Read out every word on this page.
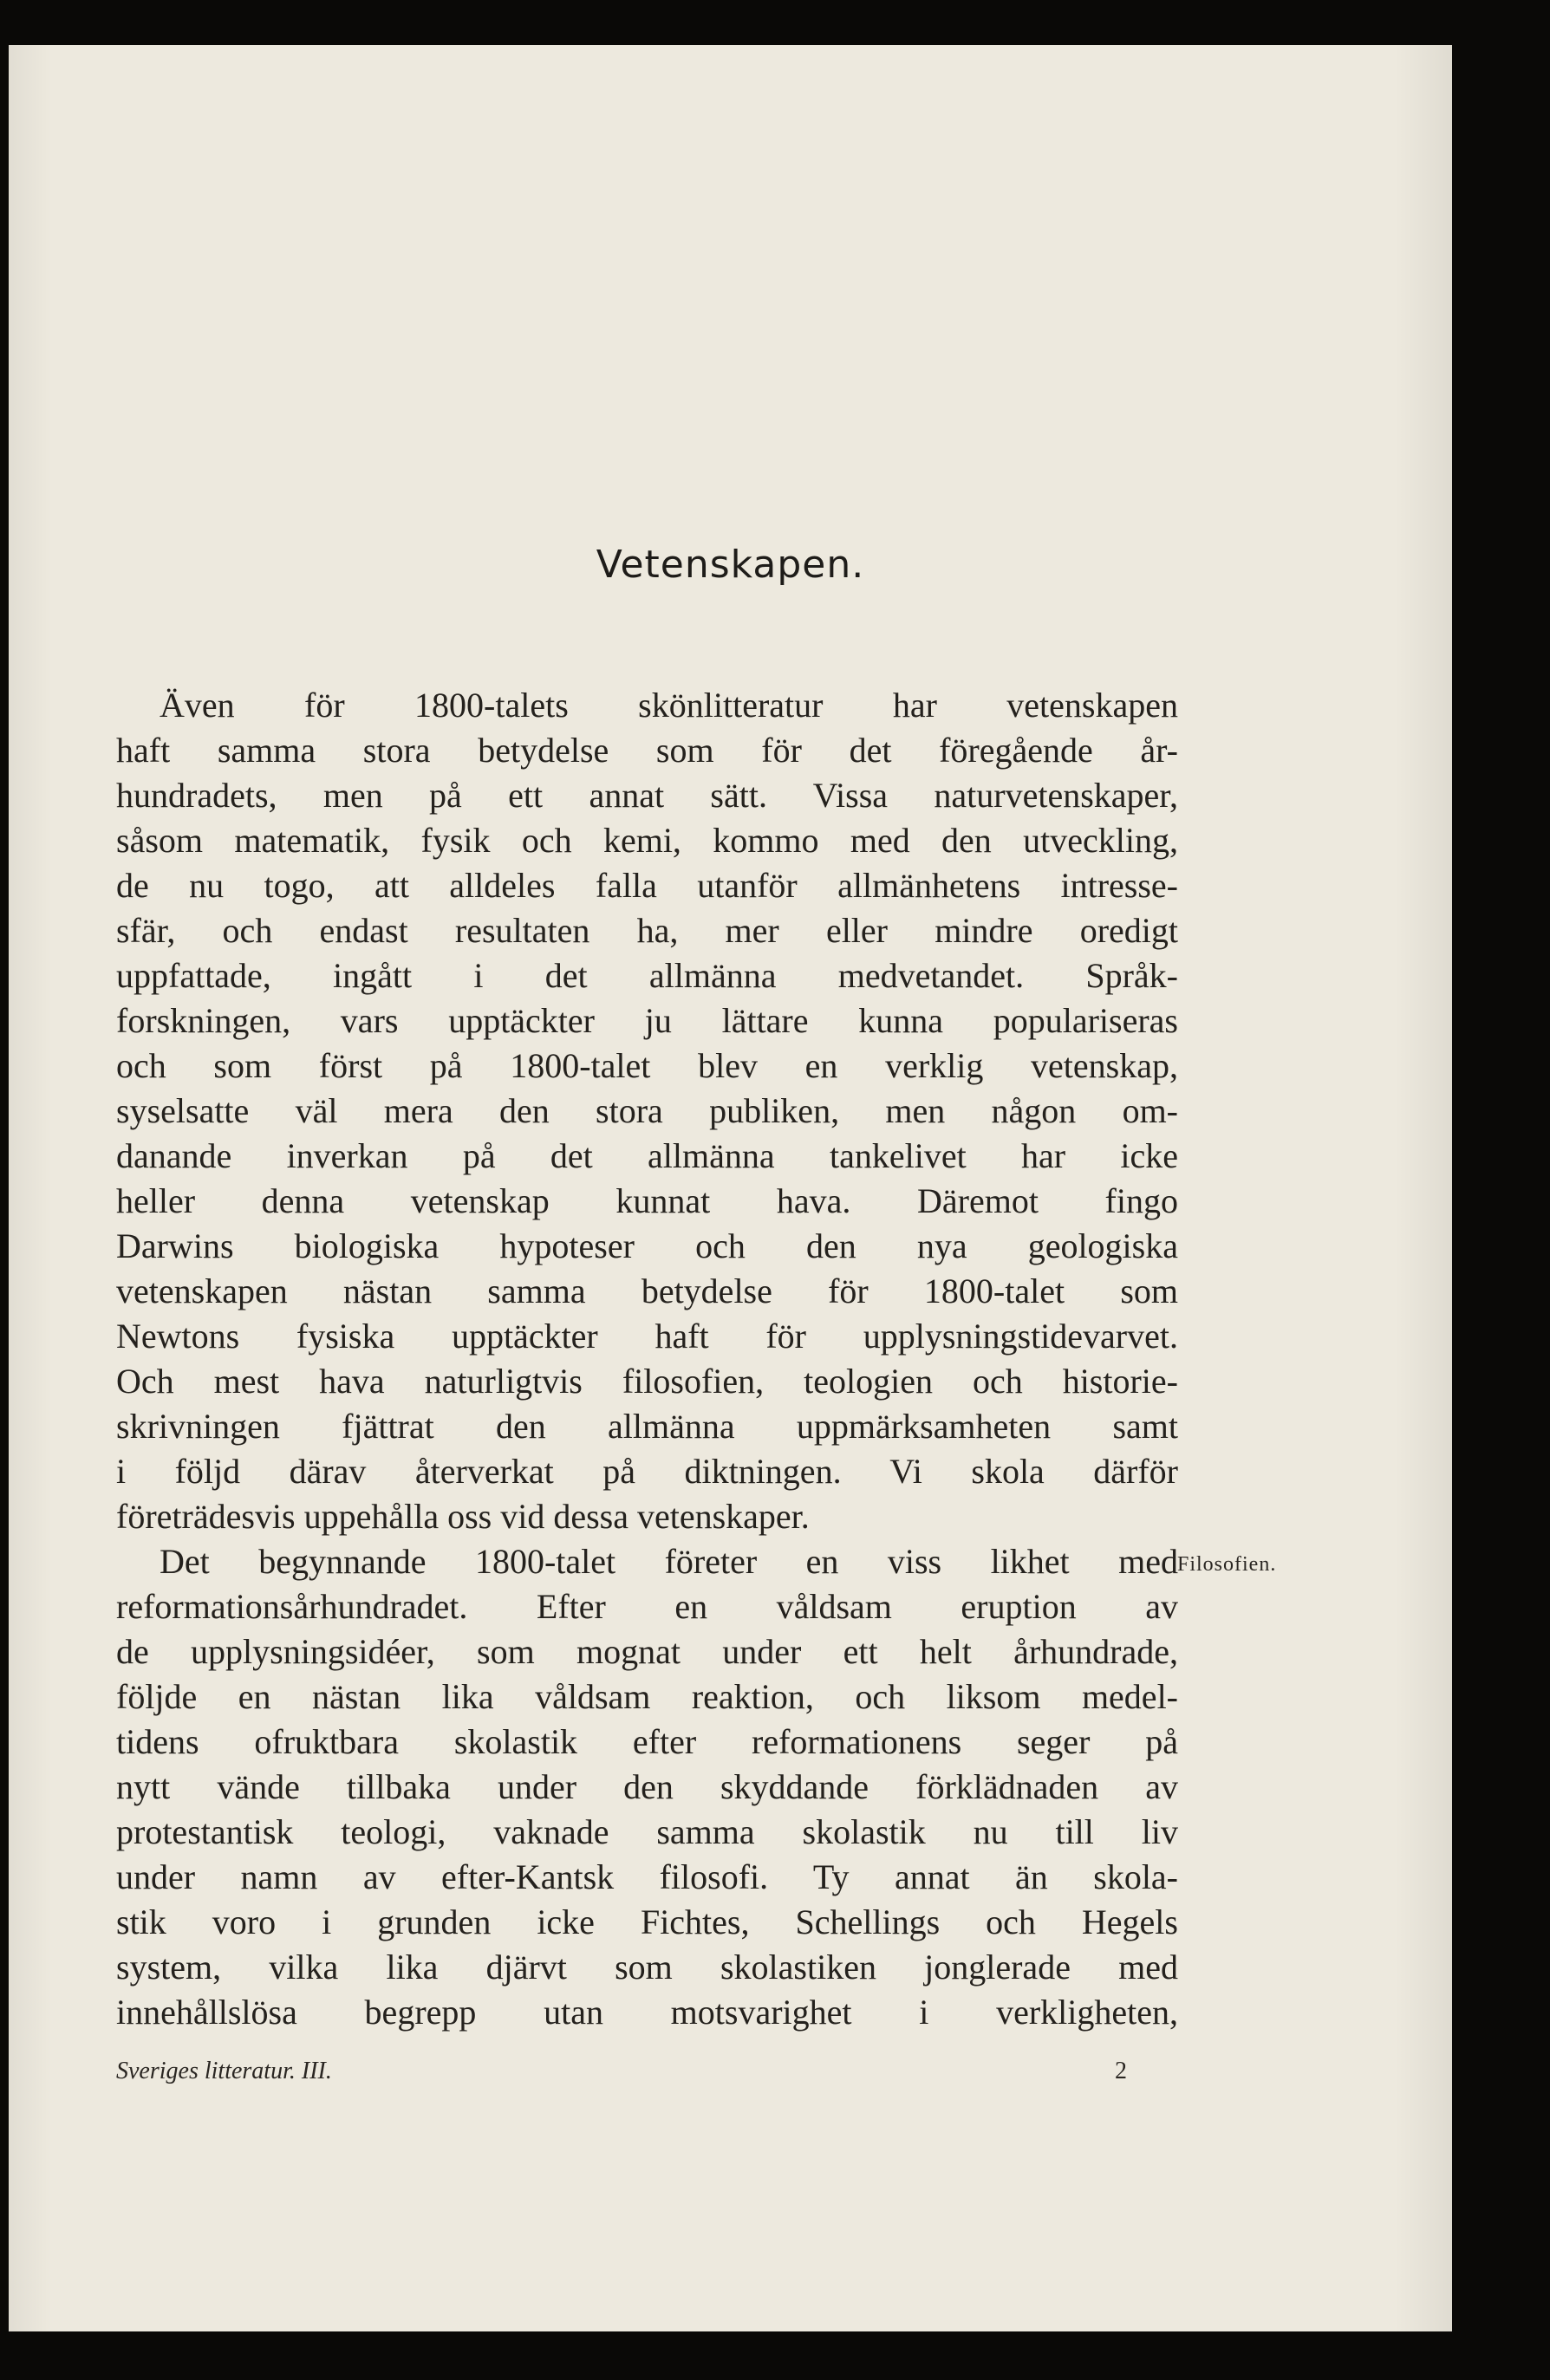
Vetenskapen.

Även för 1800-talets skönlitteratur har vetenskapen

haft samma stora betydelse som för det föregående år-

hundradets, men på ett annat sätt. Vissa naturvetenskaper,

såsom matematik, fysik och kemi, kommo med den utveckling,

de nu togo, att alldeles falla utanför allmänhetens intresse-

sfär, och endast resultaten ha, mer eller mindre oredigt

uppfattade, ingått i det allmänna medvetandet. Språk-

forskningen, vars upptäckter ju lättare kunna populariseras

och som först på 1800-talet blev en verklig vetenskap,

syselsatte väl mera den stora publiken, men någon om-

danande inverkan på det allmänna tankelivet har icke

heller denna vetenskap kunnat hava. Däremot fingo

Darwins biologiska hypoteser och den nya geologiska

vetenskapen nästan samma betydelse för 1800-talet som

Newtons fysiska upptäckter haft för upplysningstidevarvet.

Och mest hava naturligtvis filosofien, teologien och historie-

skrivningen fjättrat den allmänna uppmärksamheten samt

i följd därav återverkat på diktningen. Vi skola därför

företrädesvis uppehålla oss vid dessa vetenskaper.

Det begynnande 1800-talet företer en viss likhet med

reformationsårhundradet. Efter en våldsam eruption av

de upplysningsidéer, som mognat under ett helt århundrade,

följde en nästan lika våldsam reaktion, och liksom medel-

tidens ofruktbara skolastik efter reformationens seger på

nytt vände tillbaka under den skyddande förklädnaden av

protestantisk teologi, vaknade samma skolastik nu till liv

under namn av efter-Kantsk filosofi. Ty annat än skola-

stik voro i grunden icke Fichtes, Schellings och Hegels

system, vilka lika djärvt som skolastiken jonglerade med

innehållslösa begrepp utan motsvarighet i verkligheten,

Filosofien.
Sveriges litteratur. III.	2
